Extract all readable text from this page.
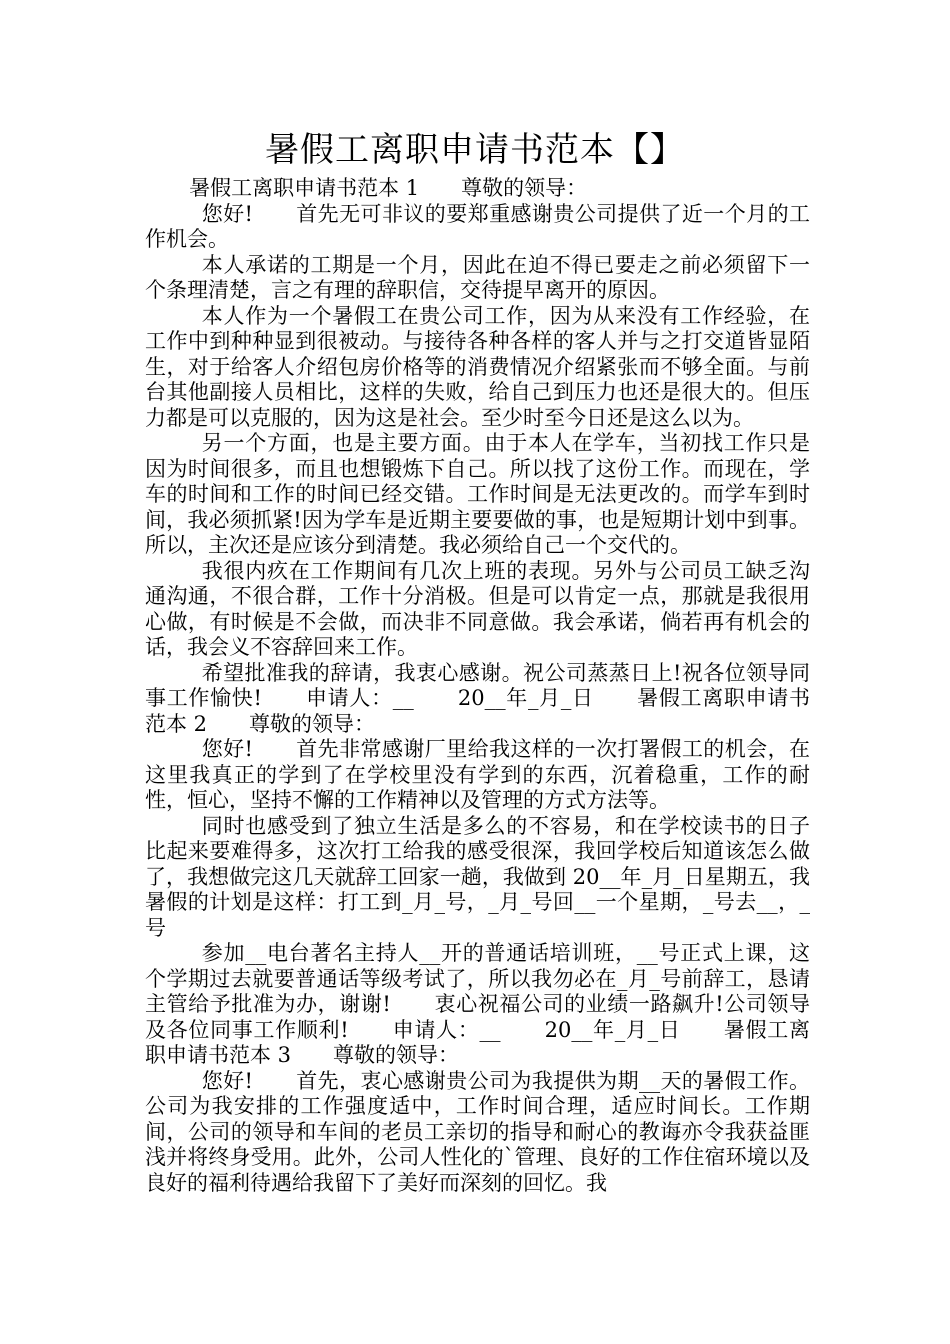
暑假工离职申请书范本【】

暑假工离职申请书范本 1　　尊敬的领导：

您好!　　首先无可非议的要郑重感谢贵公司提供了近一个月的工作机会。

本人承诺的工期是一个月，因此在迫不得已要走之前必须留下一个条理清楚，言之有理的辞职信，交待提早离开的原因。

本人作为一个暑假工在贵公司工作，因为从来没有工作经验，在工作中到种种显到很被动。与接待各种各样的客人并与之打交道皆显陌生，对于给客人介绍包房价格等的消费情况介绍紧张而不够全面。与前台其他副接人员相比，这样的失败，给自己到压力也还是很大的。但压力都是可以克服的，因为这是社会。至少时至今日还是这么以为。

另一个方面，也是主要方面。由于本人在学车，当初找工作只是因为时间很多，而且也想锻炼下自己。所以找了这份工作。而现在，学车的时间和工作的时间已经交错。工作时间是无法更改的。而学车到时间，我必须抓紧!因为学车是近期主要要做的事，也是短期计划中到事。所以，主次还是应该分到清楚。我必须给自己一个交代的。

我很内疚在工作期间有几次上班的表现。另外与公司员工缺乏沟通沟通，不很合群，工作十分消极。但是可以肯定一点，那就是我很用心做，有时候是不会做，而决非不同意做。我会承诺，倘若再有机会的话，我会义不容辞回来工作。

希望批准我的辞请，我衷心感谢。祝公司蒸蒸日上!祝各位领导同事工作愉快!　　申请人：__　　20__年_月_日　　暑假工离职申请书范本 2　　尊敬的领导：

您好!　　首先非常感谢厂里给我这样的一次打署假工的机会，在这里我真正的学到了在学校里没有学到的东西，沉着稳重，工作的耐性，恒心，坚持不懈的工作精神以及管理的方式方法等。

同时也感受到了独立生活是多么的不容易，和在学校读书的日子比起来要难得多，这次打工给我的感受很深，我回学校后知道该怎么做了，我想做完这几天就辞工回家一趟，我做到 20__年_月_日星期五，我暑假的计划是这样：打工到_月_号，_月_号回__一个星期，_号去__，_号

参加__电台著名主持人__开的普通话培训班，__号正式上课，这个学期过去就要普通话等级考试了，所以我勿必在_月_号前辞工，恳请主管给予批准为办，谢谢!　　衷心祝福公司的业绩一路飙升!公司领导及各位同事工作顺利!　　申请人：__　　20__年_月_日　　暑假工离职申请书范本 3　　尊敬的领导：

您好!　　首先，衷心感谢贵公司为我提供为期__天的暑假工作。公司为我安排的工作强度适中，工作时间合理，适应时间长。工作期间，公司的领导和车间的老员工亲切的指导和耐心的教诲亦令我获益匪浅并将终身受用。此外，公司人性化的`管理、良好的工作住宿环境以及良好的福利待遇给我留下了美好而深刻的回忆。我
